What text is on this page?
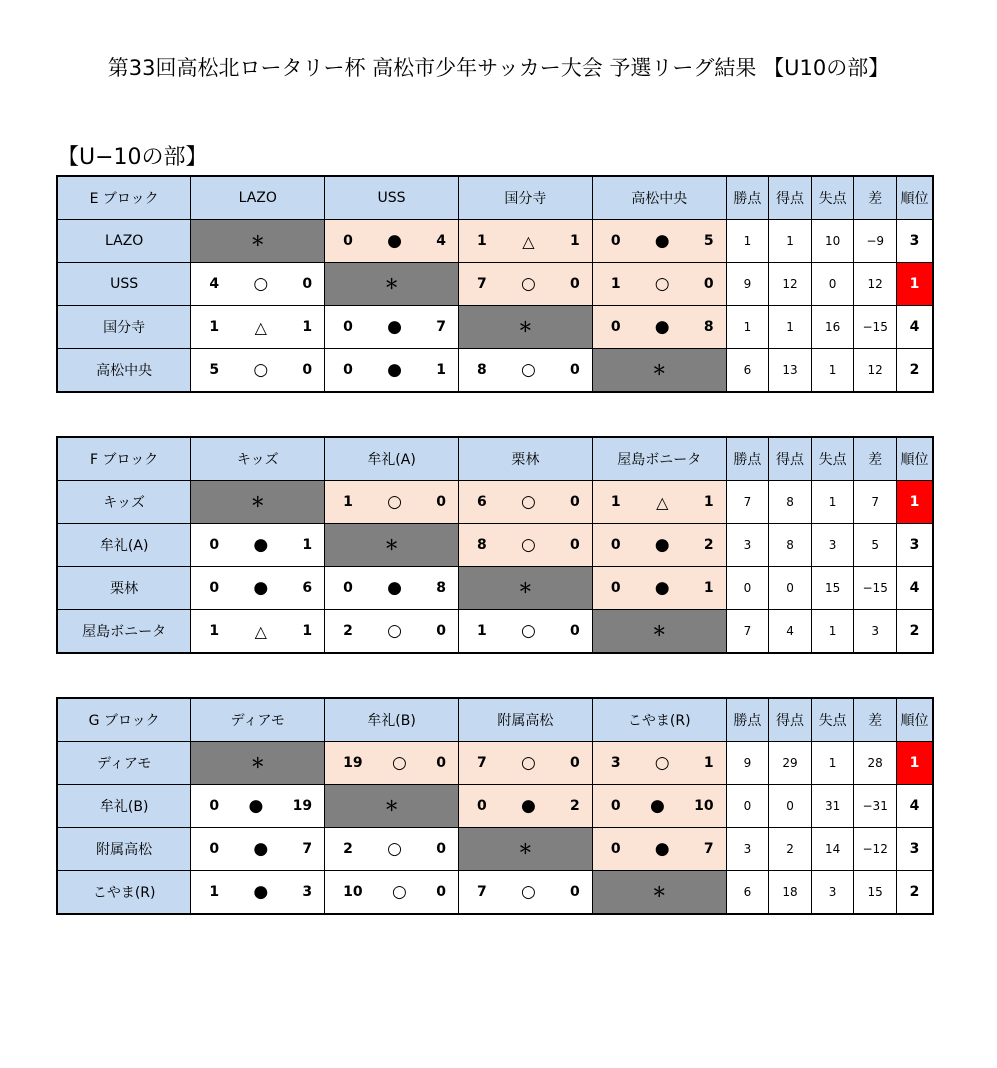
第33回高松北ロータリー杯 高松市少年サッカー大会 予選リーグ結果 【U10の部】
【U−10の部】
E ブロック	LAZO	USS	国分寺	高松中央	勝点	得点	失点	差	順位
LAZO	＊	0 ● 4	1 △ 1	0 ● 5	1	1	10	−9	3
USS	4 ○ 0	＊	7 ○ 0	1 ○ 0	9	12	0	12	1
国分寺	1 △ 1	0 ● 7	＊	0 ● 8	1	1	16	−15	4
高松中央	5 ○ 0	0 ● 1	8 ○ 0	＊	6	13	1	12	2
F ブロック	キッズ	牟礼(A)	栗林	屋島ボニータ	勝点	得点	失点	差	順位
キッズ	＊	1 ○ 0	6 ○ 0	1 △ 1	7	8	1	7	1
牟礼(A)	0 ● 1	＊	8 ○ 0	0 ● 2	3	8	3	5	3
栗林	0 ● 6	0 ● 8	＊	0 ● 1	0	0	15	−15	4
屋島ボニータ	1 △ 1	2 ○ 0	1 ○ 0	＊	7	4	1	3	2
G ブロック	ディアモ	牟礼(B)	附属高松	こやま(R)	勝点	得点	失点	差	順位
ディアモ	＊	19 ○ 0	7 ○ 0	3 ○ 1	9	29	1	28	1
牟礼(B)	0 ● 19	＊	0 ● 2	0 ● 10	0	0	31	−31	4
附属高松	0 ● 7	2 ○ 0	＊	0 ● 7	3	2	14	−12	3
こやま(R)	1 ● 3	10 ○ 0	7 ○ 0	＊	6	18	3	15	2
